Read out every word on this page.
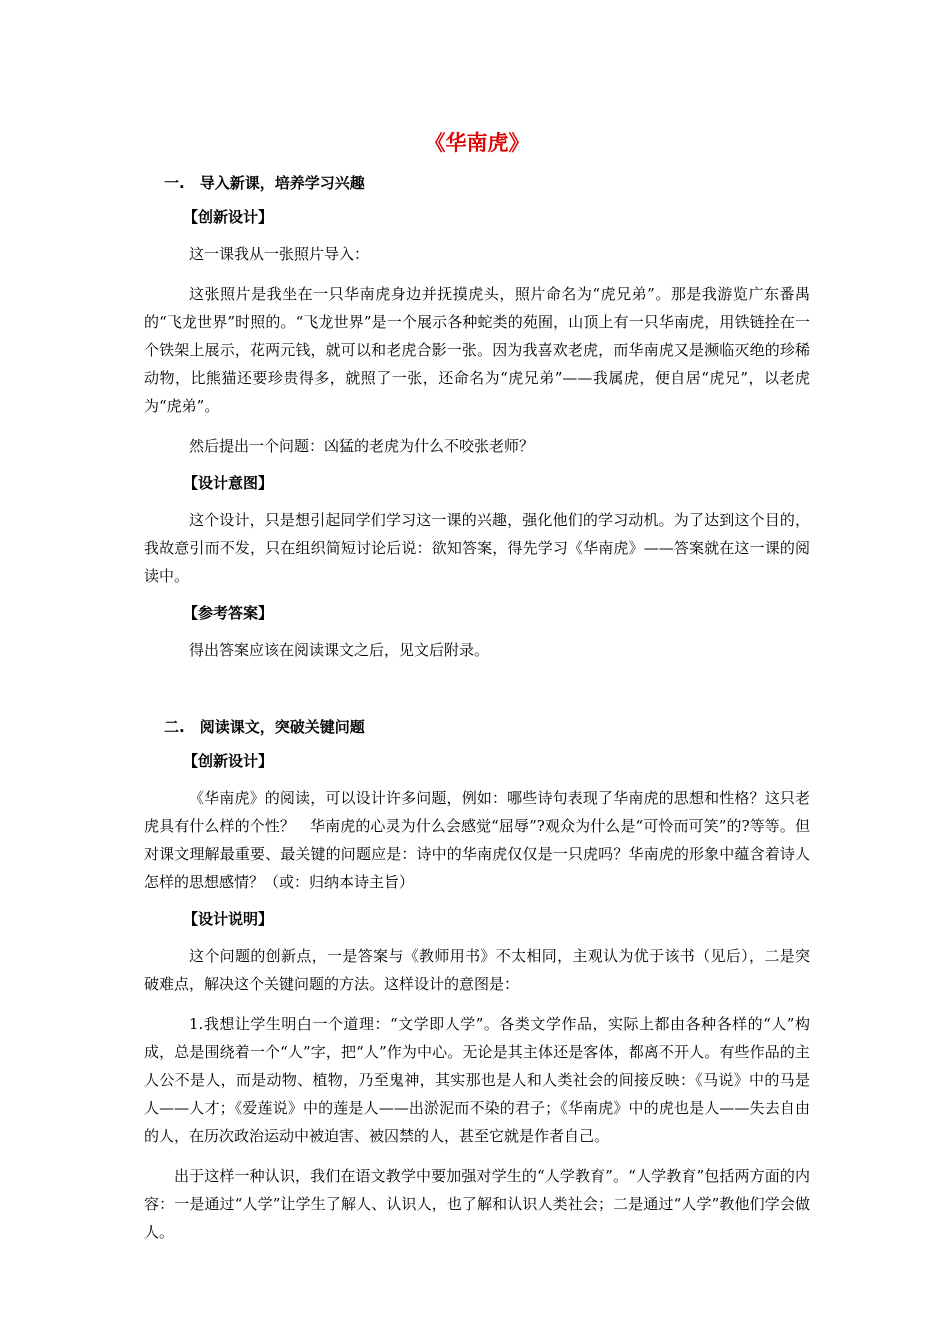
《华南虎》
一.　导入新课，培养学习兴趣
【创新设计】

这一课我从一张照片导入：

这张照片是我坐在一只华南虎身边并抚摸虎头，照片命名为“虎兄弟”。那是我游览广东番禺的“飞龙世界”时照的。“飞龙世界”是一个展示各种蛇类的苑囿，山顶上有一只华南虎，用铁链拴在一个铁架上展示，花两元钱，就可以和老虎合影一张。因为我喜欢老虎，而华南虎又是濒临灭绝的珍稀动物，比熊猫还要珍贵得多，就照了一张，还命名为“虎兄弟”——我属虎，便自居“虎兄”，以老虎为“虎弟”。

然后提出一个问题：凶猛的老虎为什么不咬张老师？

【设计意图】

这个设计，只是想引起同学们学习这一课的兴趣，强化他们的学习动机。为了达到这个目的，我故意引而不发，只在组织简短讨论后说：欲知答案，得先学习《华南虎》——答案就在这一课的阅读中。

【参考答案】

得出答案应该在阅读课文之后，见文后附录。

二.　阅读课文，突破关键问题
【创新设计】

《华南虎》的阅读，可以设计许多问题，例如：哪些诗句表现了华南虎的思想和性格？这只老虎具有什么样的个性？　华南虎的心灵为什么会感觉“屈辱”?观众为什么是“可怜而可笑”的?等等。但对课文理解最重要、最关键的问题应是：诗中的华南虎仅仅是一只虎吗？华南虎的形象中蕴含着诗人怎样的思想感情？（或：归纳本诗主旨）

【设计说明】

这个问题的创新点，一是答案与《教师用书》不太相同，主观认为优于该书（见后），二是突破难点，解决这个关键问题的方法。这样设计的意图是：

1.我想让学生明白一个道理：“文学即人学”。各类文学作品，实际上都由各种各样的“人”构成，总是围绕着一个“人”字，把“人”作为中心。无论是其主体还是客体，都离不开人。有些作品的主人公不是人，而是动物、植物，乃至鬼神，其实那也是人和人类社会的间接反映：《马说》中的马是人——人才；《爱莲说》中的莲是人——出淤泥而不染的君子；《华南虎》中的虎也是人——失去自由的人，在历次政治运动中被迫害、被囚禁的人，甚至它就是作者自己。

出于这样一种认识，我们在语文教学中要加强对学生的“人学教育”。“人学教育”包括两方面的内容：一是通过“人学”让学生了解人、认识人，也了解和认识人类社会；二是通过“人学”教他们学会做人。
